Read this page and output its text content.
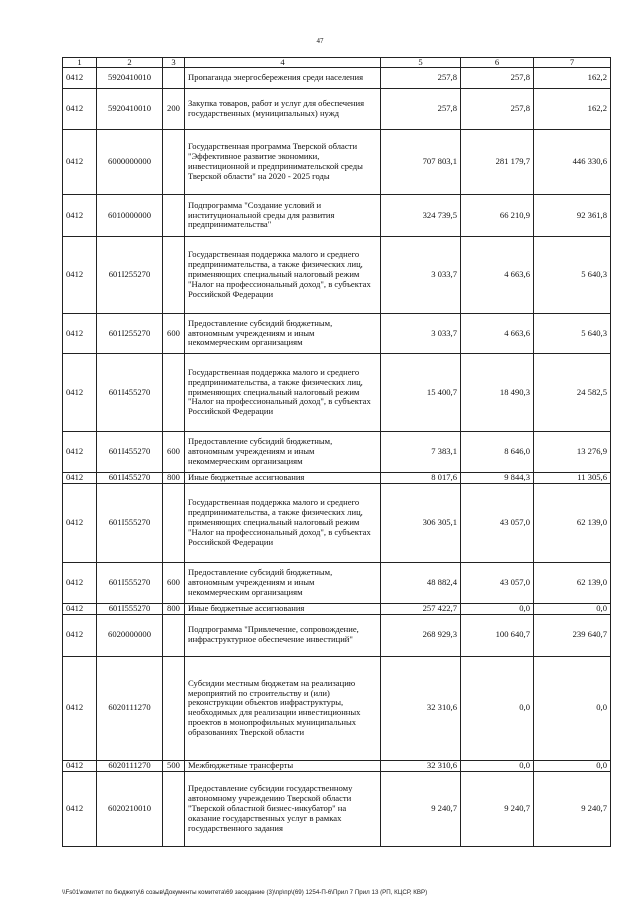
47
1	2	3	4	5	6	7
0412	5920410010		Пропаганда энергосбережения среди населения	257,8	257,8	162,2
0412	5920410010	200	Закупка товаров, работ и услуг для обеспечения государственных (муниципальных) нужд	257,8	257,8	162,2
0412	6000000000		Государственная программа Тверской области "Эффективное развитие экономики, инвестиционной и предпринимательской среды Тверской области" на 2020 - 2025 годы	707 803,1	281 179,7	446 330,6
0412	6010000000		Подпрограмма "Создание условий и институциональной среды для развития предпринимательства"	324 739,5	66 210,9	92 361,8
0412	601I255270		Государственная поддержка малого и среднего предпринимательства, а также физических лиц, применяющих специальный налоговый режим "Налог на профессиональный доход", в субъектах Российской Федерации	3 033,7	4 663,6	5 640,3
0412	601I255270	600	Предоставление субсидий бюджетным, автономным учреждениям и иным некоммерческим организациям	3 033,7	4 663,6	5 640,3
0412	601I455270		Государственная поддержка малого и среднего предпринимательства, а также физических лиц, применяющих специальный налоговый режим "Налог на профессиональный доход", в субъектах Российской Федерации	15 400,7	18 490,3	24 582,5
0412	601I455270	600	Предоставление субсидий бюджетным, автономным учреждениям и иным некоммерческим организациям	7 383,1	8 646,0	13 276,9
0412	601I455270	800	Иные бюджетные ассигнования	8 017,6	9 844,3	11 305,6
0412	601I555270		Государственная поддержка малого и среднего предпринимательства, а также физических лиц, применяющих специальный налоговый режим "Налог на профессиональный доход", в субъектах Российской Федерации	306 305,1	43 057,0	62 139,0
0412	601I555270	600	Предоставление субсидий бюджетным, автономным учреждениям и иным некоммерческим организациям	48 882,4	43 057,0	62 139,0
0412	601I555270	800	Иные бюджетные ассигнования	257 422,7	0,0	0,0
0412	6020000000		Подпрограмма "Привлечение, сопровождение, инфраструктурное обеспечение инвестиций"	268 929,3	100 640,7	239 640,7
0412	6020111270		Субсидии местным бюджетам на реализацию мероприятий по строительству и (или) реконструкции объектов инфраструктуры, необходимых для реализации инвестиционных проектов в монопрофильных муниципальных образованиях Тверской области	32 310,6	0,0	0,0
0412	6020111270	500	Межбюджетные трансферты	32 310,6	0,0	0,0
0412	6020210010		Предоставление субсидии государственному автономному учреждению Тверской области "Тверской областной бизнес-инкубатор" на оказание государственных услуг в рамках государственного задания	9 240,7	9 240,7	9 240,7
\\Fs01\комитет по бюджету\6 созыв\Документы комитета\69 заседание (3)\пр\пр\(69) 1254-П-6\Прил 7 Прил 13 (РП, КЦСР, КВР)
